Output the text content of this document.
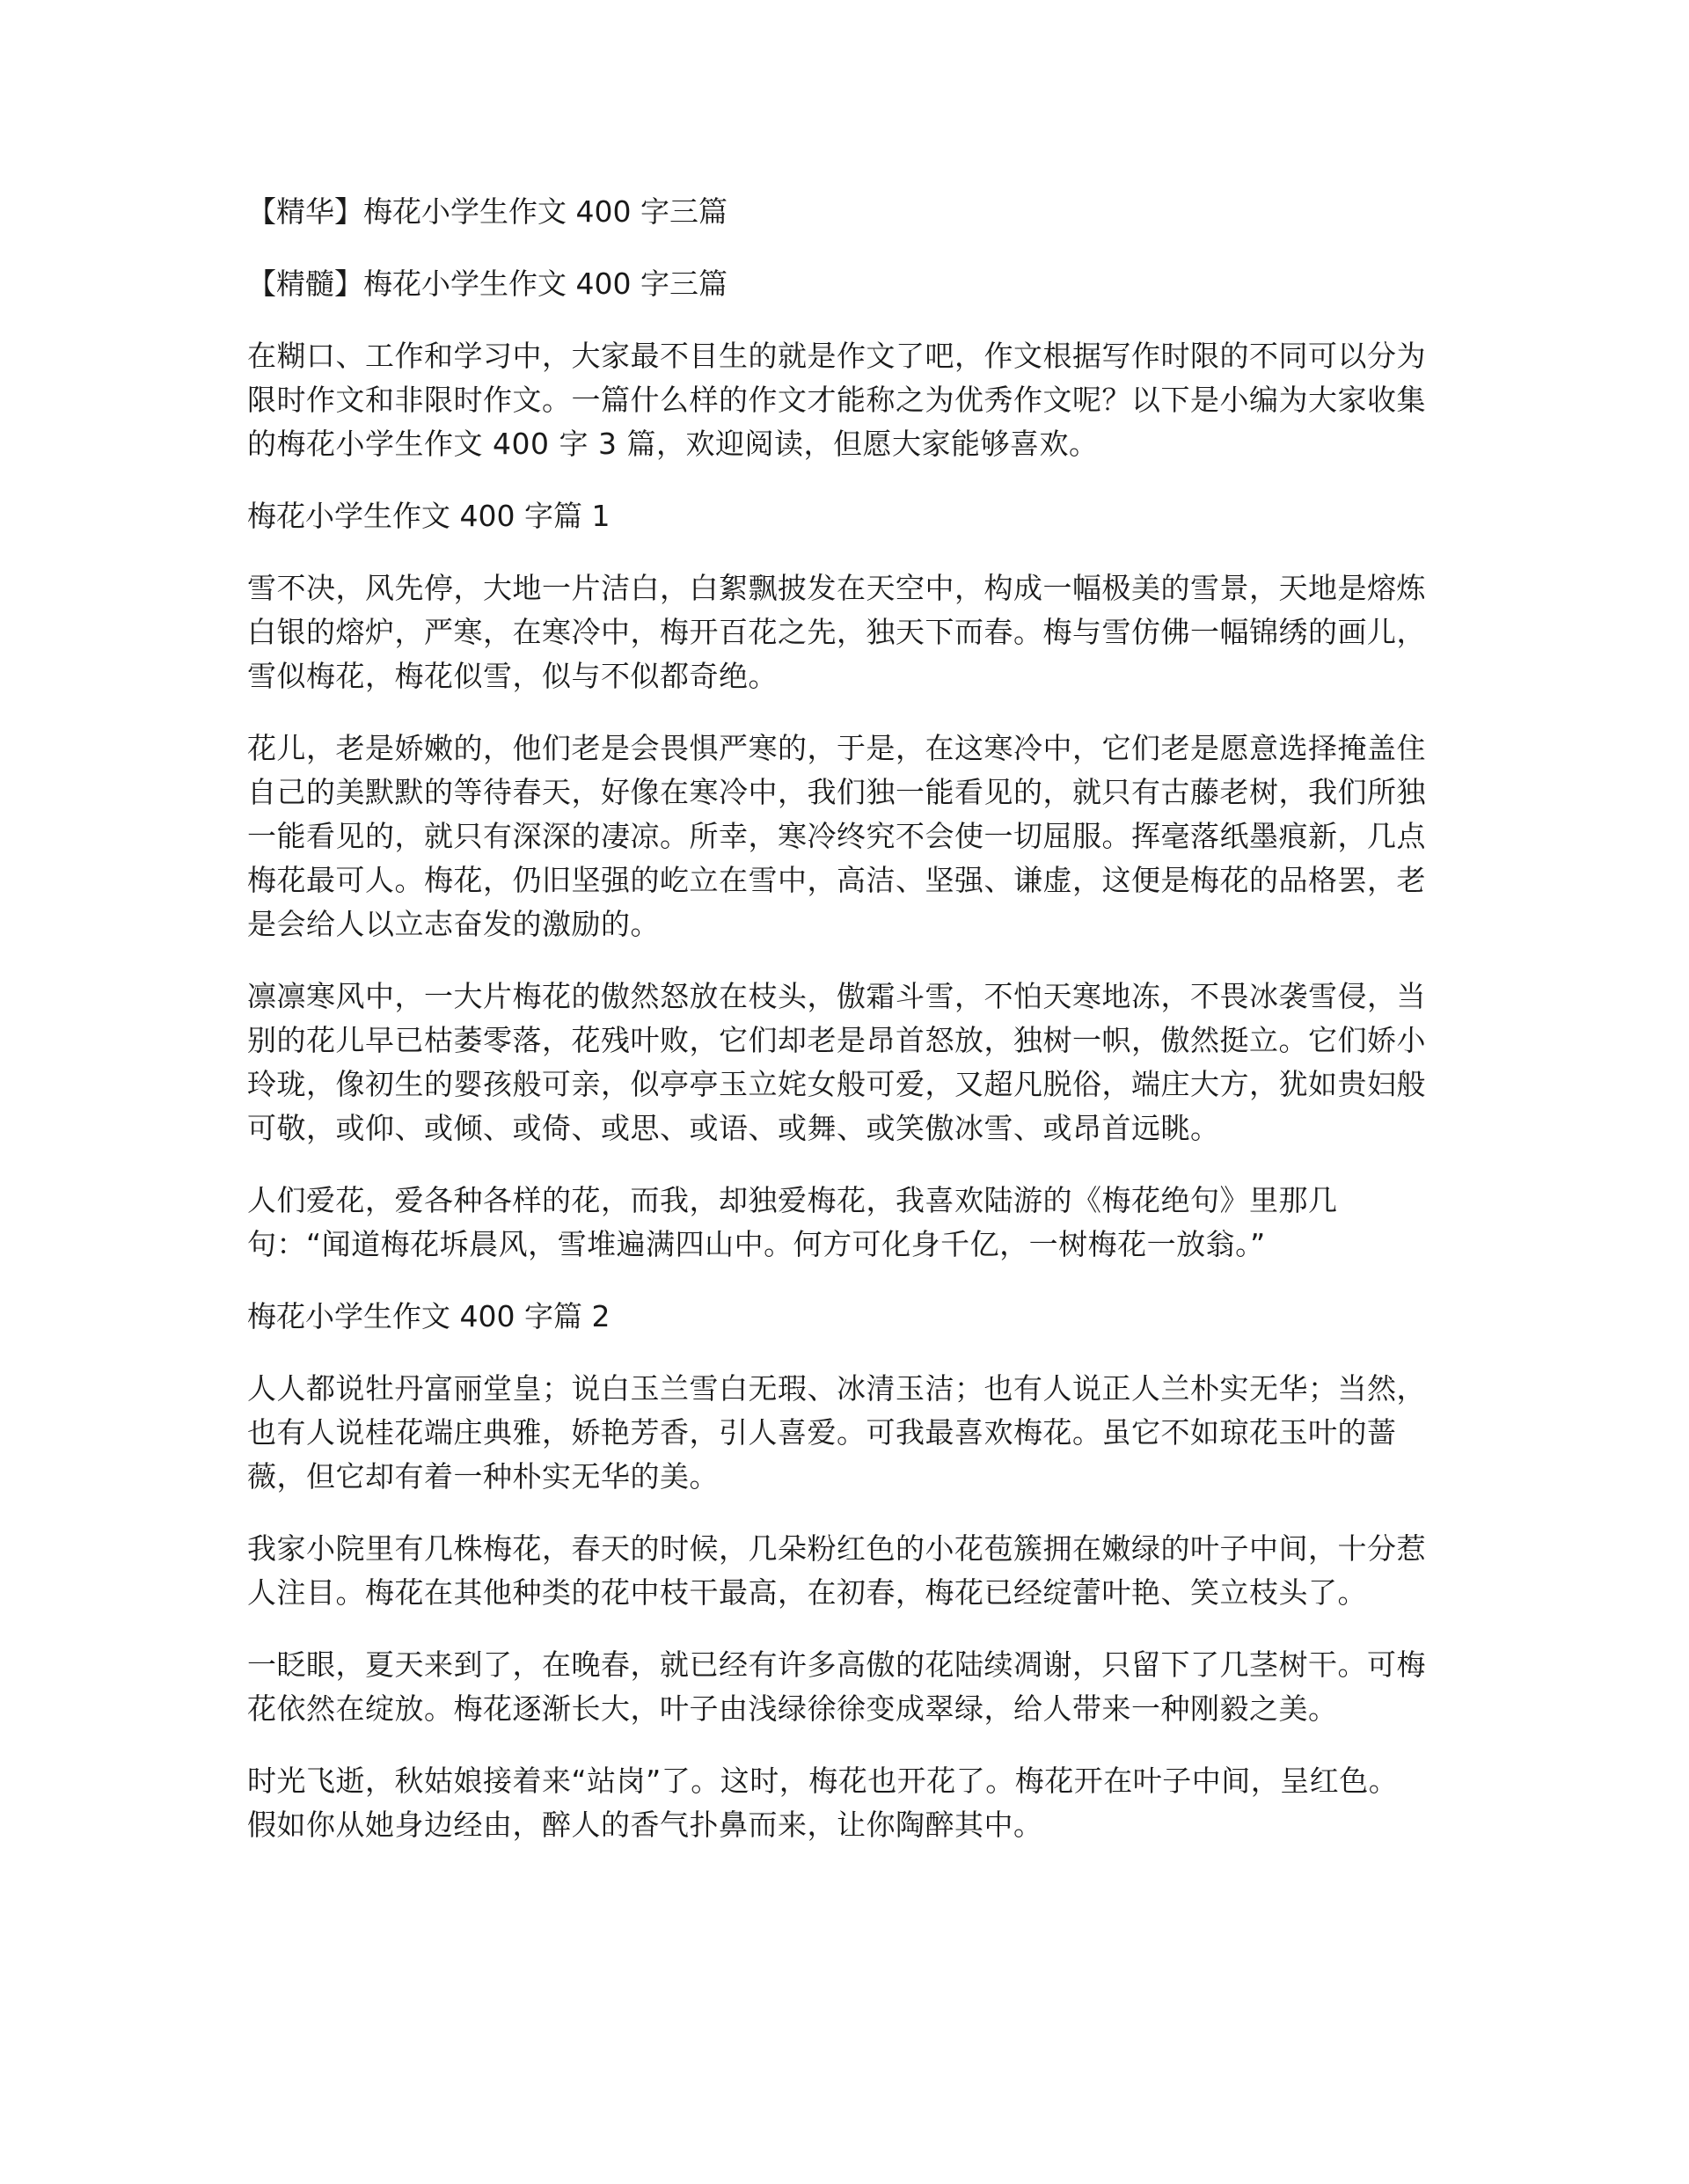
【精华】梅花小学生作文 400 字三篇
【精髓】梅花小学生作文 400 字三篇
在糊口、工作和学习中，大家最不目生的就是作文了吧，作文根据写作时限的不同可以分为限时作文和非限时作文。一篇什么样的作文才能称之为优秀作文呢？以下是小编为大家收集的梅花小学生作文 400 字 3 篇，欢迎阅读，但愿大家能够喜欢。
梅花小学生作文 400 字篇 1
雪不决，风先停，大地一片洁白，白絮飘披发在天空中，构成一幅极美的雪景，天地是熔炼白银的熔炉，严寒，在寒冷中，梅开百花之先，独天下而春。梅与雪仿佛一幅锦绣的画儿，雪似梅花，梅花似雪，似与不似都奇绝。
花儿，老是娇嫩的，他们老是会畏惧严寒的，于是，在这寒冷中，它们老是愿意选择掩盖住自己的美默默的等待春天，好像在寒冷中，我们独一能看见的，就只有古藤老树，我们所独一能看见的，就只有深深的凄凉。所幸，寒冷终究不会使一切屈服。挥毫落纸墨痕新，几点梅花最可人。梅花，仍旧坚强的屹立在雪中，高洁、坚强、谦虚，这便是梅花的品格罢，老是会给人以立志奋发的激励的。
凛凛寒风中，一大片梅花的傲然怒放在枝头，傲霜斗雪，不怕天寒地冻，不畏冰袭雪侵，当别的花儿早已枯萎零落，花残叶败，它们却老是昂首怒放，独树一帜，傲然挺立。它们娇小玲珑，像初生的婴孩般可亲，似亭亭玉立姹女般可爱，又超凡脱俗，端庄大方，犹如贵妇般可敬，或仰、或倾、或倚、或思、或语、或舞、或笑傲冰雪、或昂首远眺。
人们爱花，爱各种各样的花，而我，却独爱梅花，我喜欢陆游的《梅花绝句》里那几句：“闻道梅花坼晨风，雪堆遍满四山中。何方可化身千亿，一树梅花一放翁。”
梅花小学生作文 400 字篇 2
人人都说牡丹富丽堂皇；说白玉兰雪白无瑕、冰清玉洁；也有人说正人兰朴实无华；当然，也有人说桂花端庄典雅，娇艳芳香，引人喜爱。可我最喜欢梅花。虽它不如琼花玉叶的蔷薇，但它却有着一种朴实无华的美。
我家小院里有几株梅花，春天的时候，几朵粉红色的小花苞簇拥在嫩绿的叶子中间，十分惹人注目。梅花在其他种类的花中枝干最高，在初春，梅花已经绽蕾叶艳、笑立枝头了。
一眨眼，夏天来到了，在晚春，就已经有许多高傲的花陆续凋谢，只留下了几茎树干。可梅花依然在绽放。梅花逐渐长大，叶子由浅绿徐徐变成翠绿，给人带来一种刚毅之美。
时光飞逝，秋姑娘接着来“站岗”了。这时，梅花也开花了。梅花开在叶子中间，呈红色。假如你从她身边经由，醉人的香气扑鼻而来，让你陶醉其中。
